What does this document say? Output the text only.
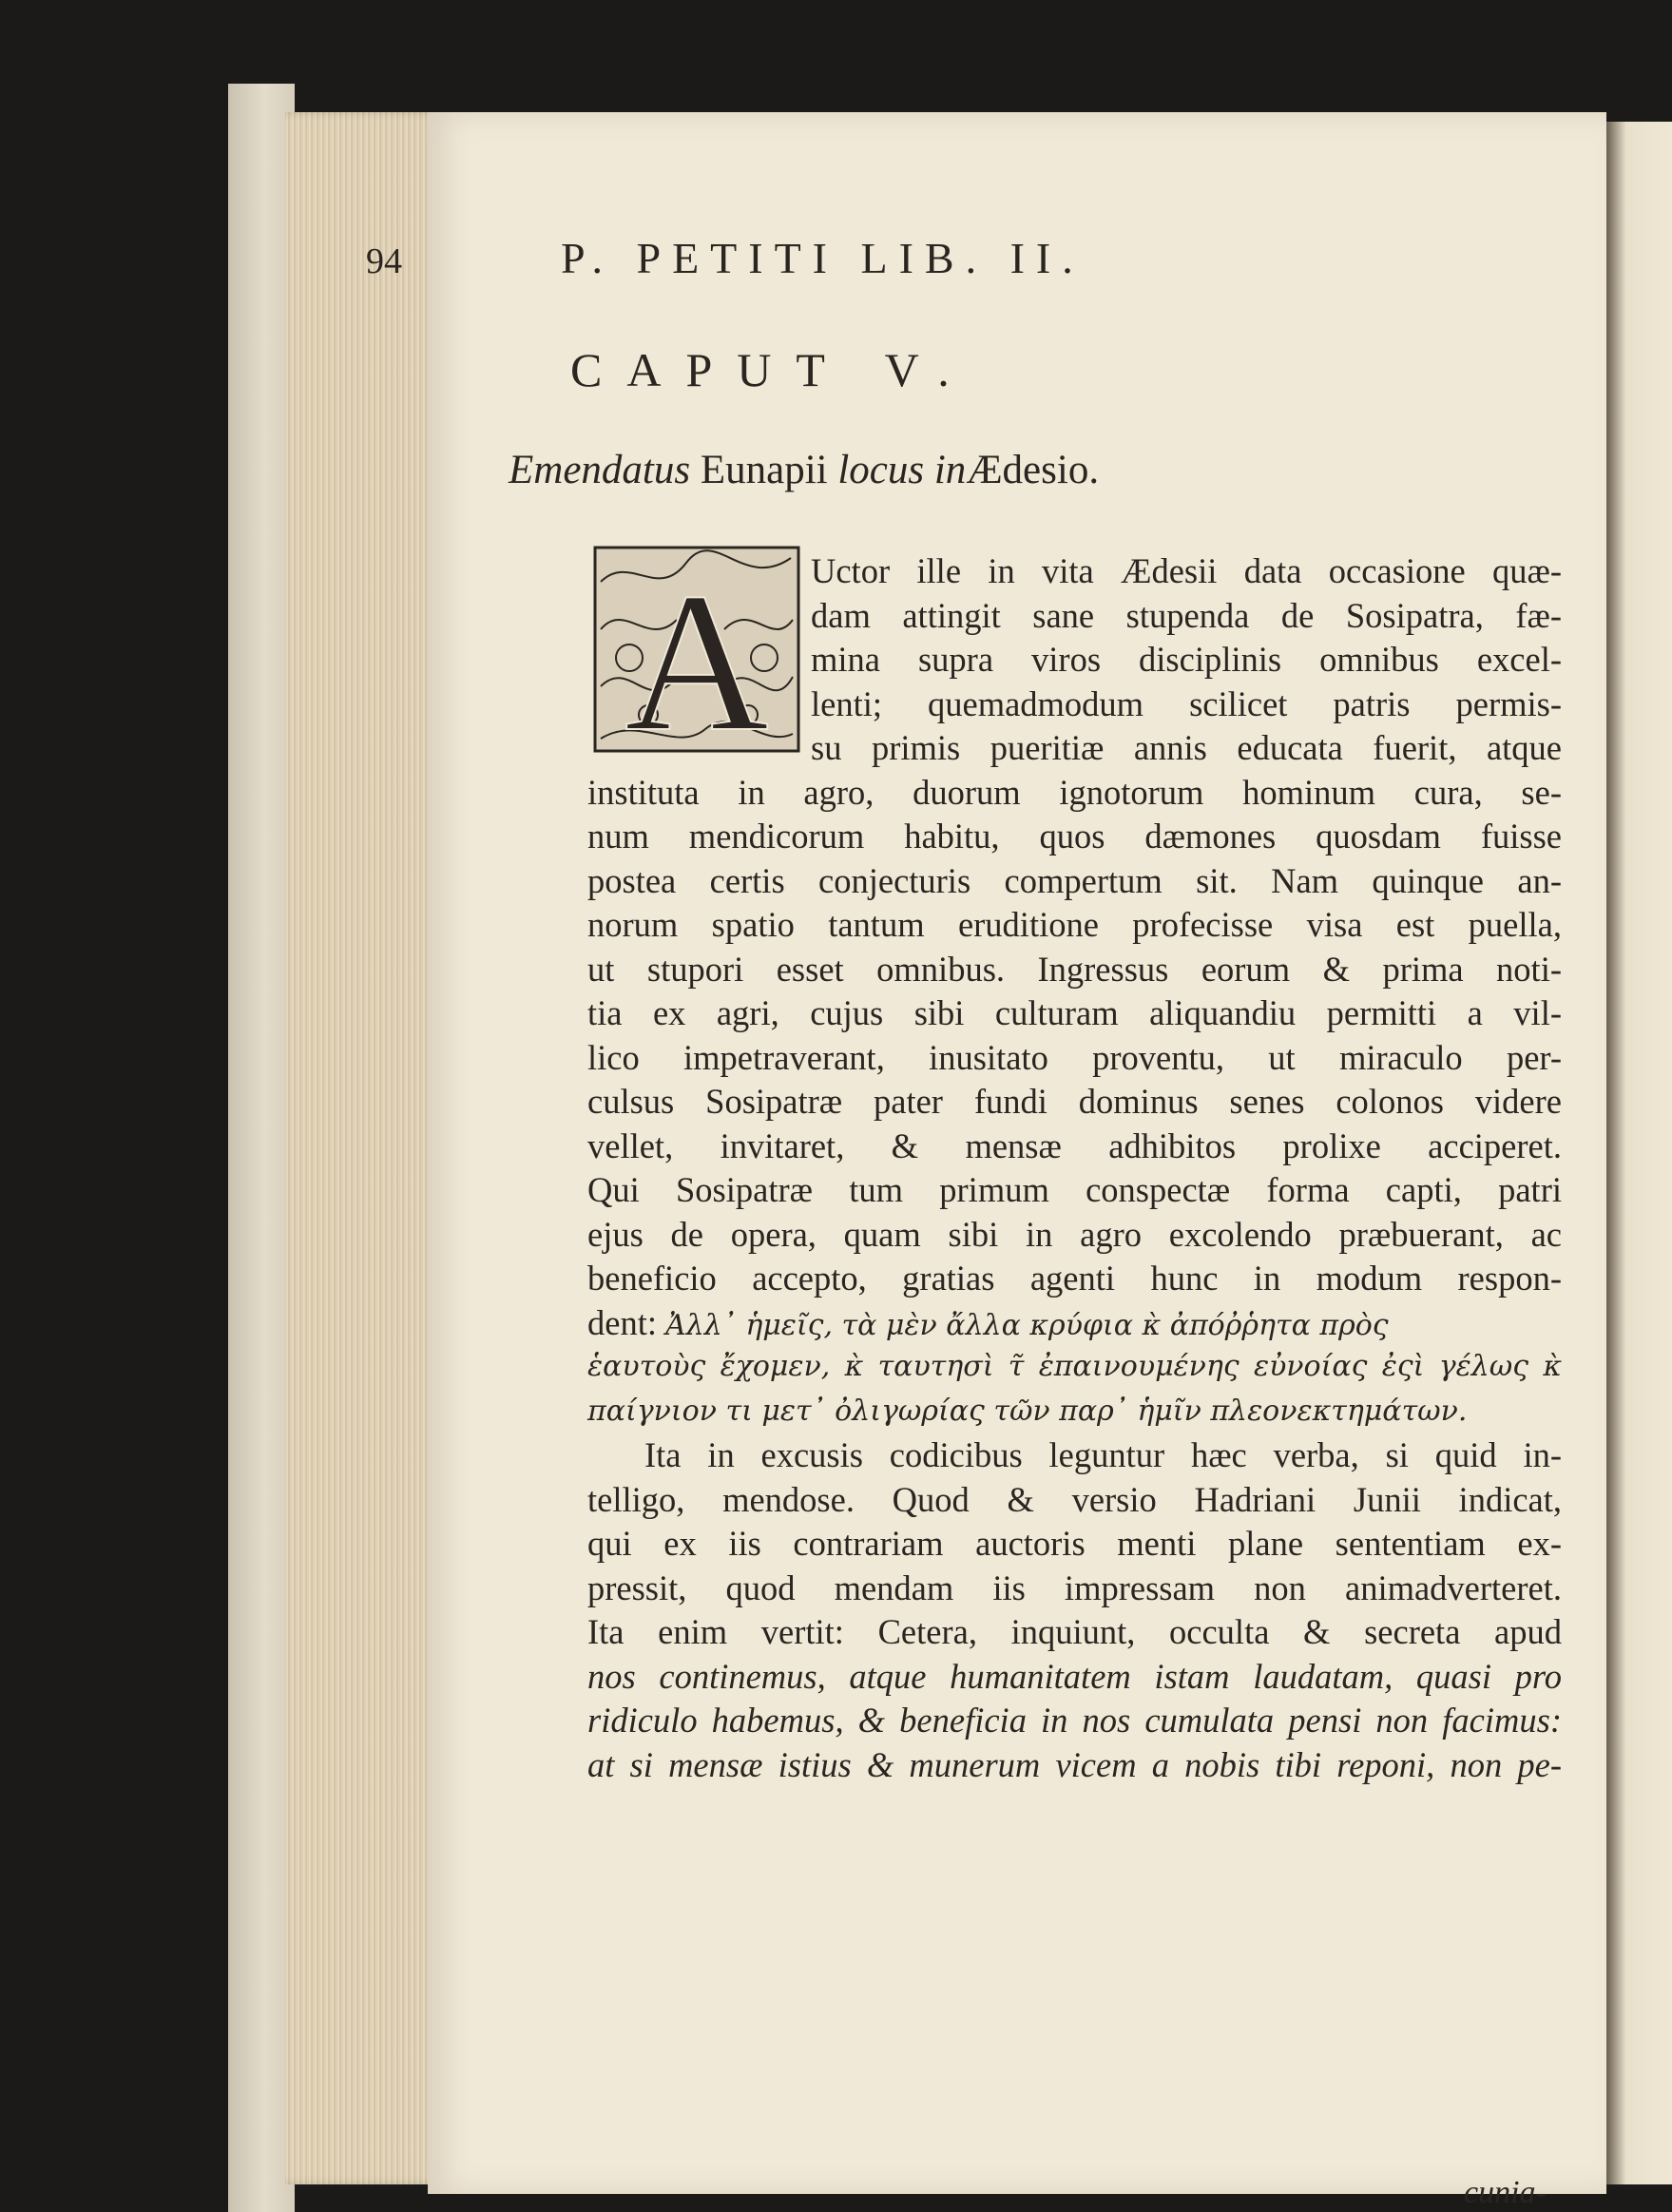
94	P. PETITI LIB. II.
CAPUT V.
Emendatus Eunapii locus inÆdesio.
A Uctor ille in vita Ædesii data occasione quæ-
dam attingit sane stupenda de Sosipatra, fæ-
mina supra viros disciplinis omnibus excel-
lenti; quemadmodum scilicet patris permis-
su primis pueritiæ annis educata fuerit, atque
instituta in agro, duorum ignotorum hominum cura, se-
num mendicorum habitu, quos dæmones quosdam fuisse
postea certis conjecturis compertum sit. Nam quinque an-
norum spatio tantum eruditione profecisse visa est puella,
ut stupori esset omnibus. Ingressus eorum & prima noti-
tia ex agri, cujus sibi culturam aliquandiu permitti a vil-
lico impetraverant, inusitato proventu, ut miraculo per-
culsus Sosipatræ pater fundi dominus senes colonos videre
vellet, invitaret, & mensæ adhibitos prolixe acciperet.
Qui Sosipatræ tum primum conspectæ forma capti, patri
ejus de opera, quam sibi in agro excolendo præbuerant, ac
beneficio accepto, gratias agenti hunc in modum respon-
dent: Ἀλλ᾽ ἡμεῖς, τὰ μὲν ἄλλα κρύφια κ̀ ἀπόῤῥητα πρὸς
ἑαυτοὺς ἔχομεν, κ̀ ταυτησὶ τ̃ ἐπαινουμένης εὐνοίας ἐςὶ γέλως κ̀
παίγνιον τι μετ᾽ ὀλιγωρίας τῶν παρ᾽ ἡμῖν πλεονεκτημάτων.
Ita in excusis codicibus leguntur hæc verba, si quid in-
telligo, mendose. Quod & versio Hadriani Junii indicat,
qui ex iis contrariam auctoris menti plane sententiam ex-
pressit, quod mendam iis impressam non animadverteret.
Ita enim vertit: Cetera, inquiunt, occulta & secreta apud
nos continemus, atque humanitatem istam laudatam, quasi pro
ridiculo habemus, & beneficia in nos cumulata pensi non facimus:
at si mensæ istius & munerum vicem a nobis tibi reponi, non pe-
cunia-
